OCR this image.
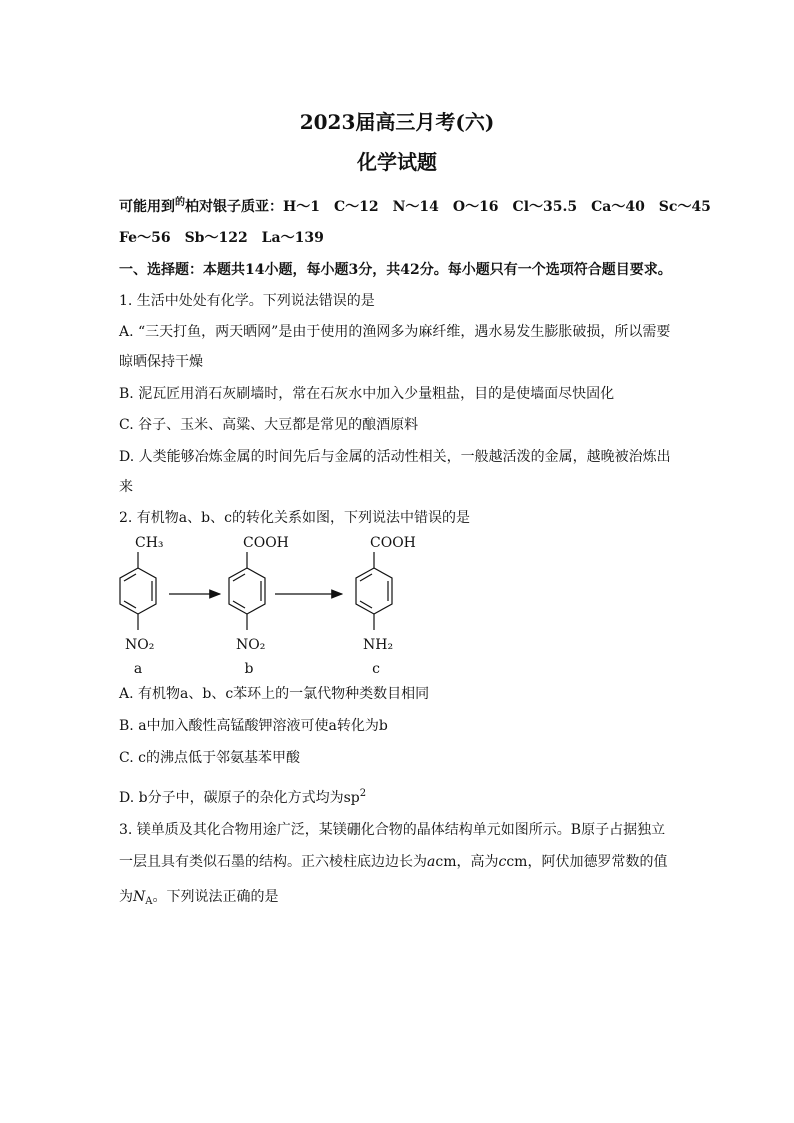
2023届高三月考(六)
化学试题
可能用到$^的$柏对银子质亚：H～1　C～12　N～14　O～16　Cl～35.5　Ca～40　Sc～45
Fe～56　Sb～122　La～139
一、选择题：本题共14小题，每小题3分，共42分。每小题只有一个选项符合题目要求。
1. 生活中处处有化学。下列说法错误的是
A. “三天打鱼，两天晒网”是由于使用的渔网多为麻纤维，遇水易发生膨胀破损，所以需要
晾晒保持干燥
B. 泥瓦匠用消石灰刷墙时，常在石灰水中加入少量粗盐，目的是使墙面尽快固化
C. 谷子、玉米、高粱、大豆都是常见的酿酒原料
D. 人类能够冶炼金属的时间先后与金属的活动性相关，一般越活泼的金属，越晚被治炼出
来
2. 有机物a、b、c的转化关系如图，下列说法中错误的是
CH₃
NO₂
a
COOH
NO₂
b
COOH
NH₂
c
A. 有机物a、b、c苯环上的一氯代物种类数目相同
B. a中加入酸性高锰酸钾溶液可使a转化为b
C. c的沸点低于邻氨基苯甲酸
D. b分子中，碳原子的杂化方式均为$sp^2$
3. 镁单质及其化合物用途广泛，某镁硼化合物的晶体结构单元如图所示。B原子占据独立
一层且具有类似石墨的结构。正六棱柱底边边长为acm，高为ccm，阿伏加德罗常数的值
为$N_A$。下列说法正确的是
